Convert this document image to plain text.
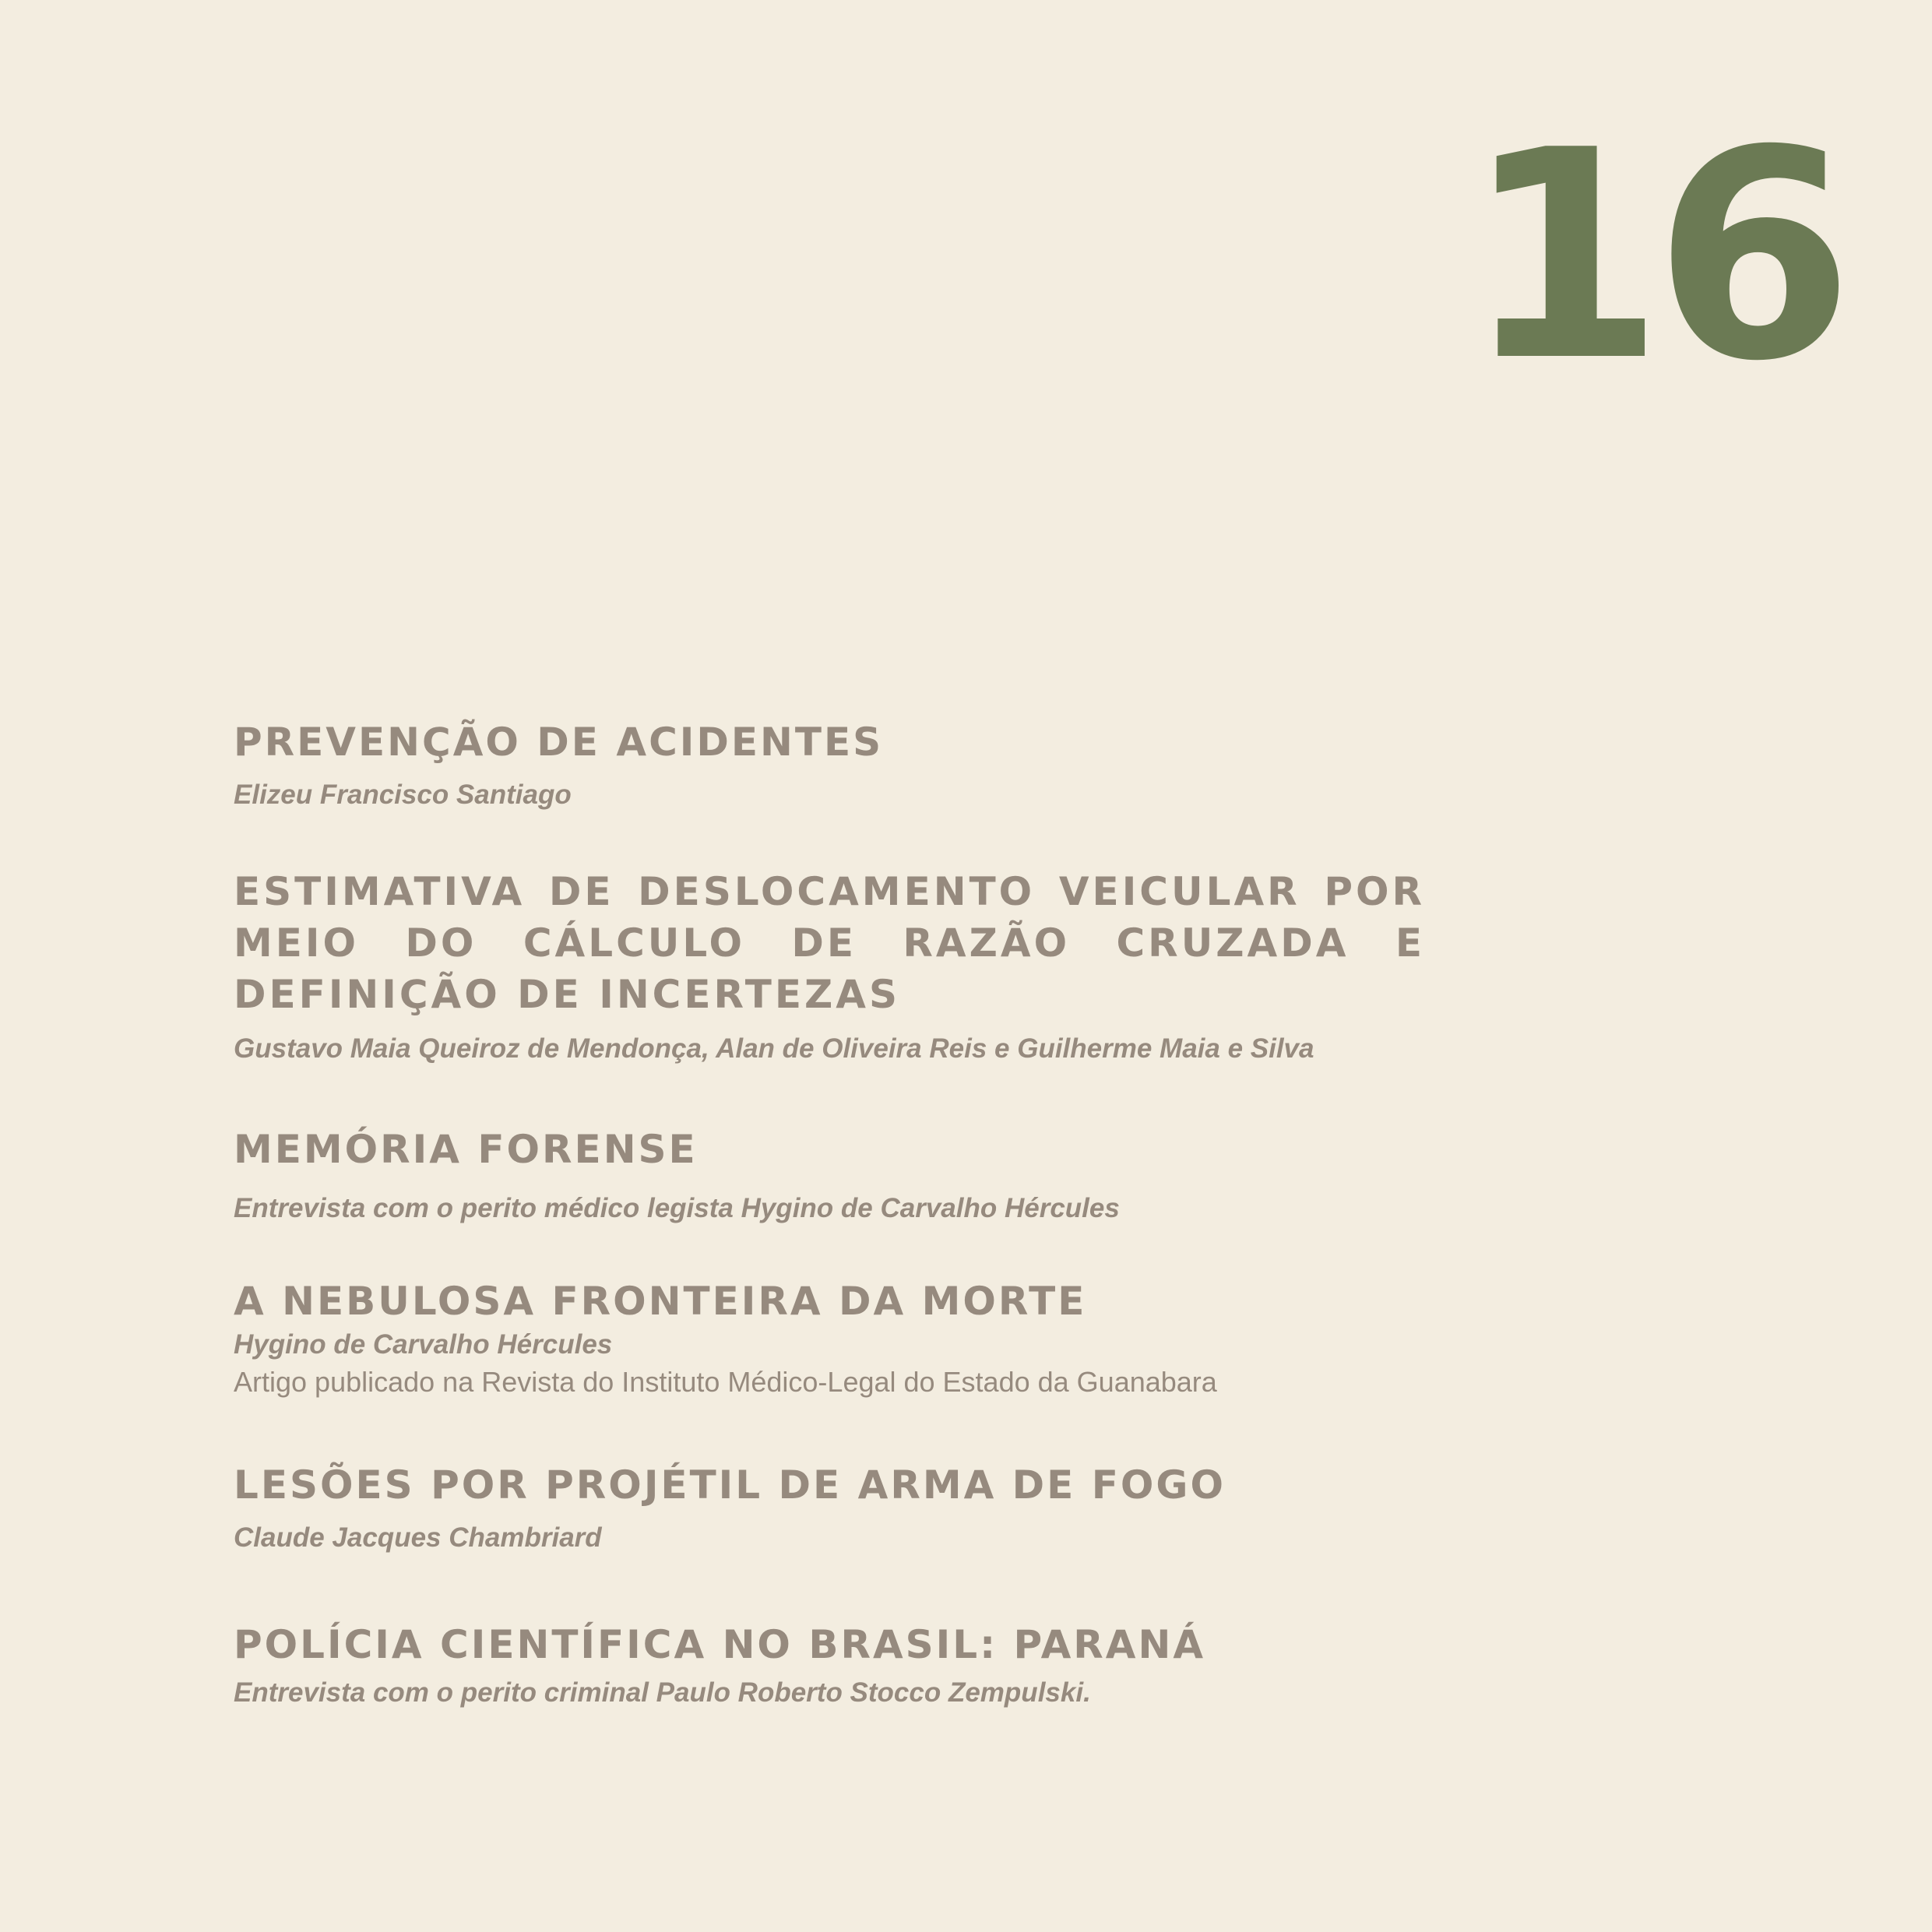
16
PREVENÇÃO DE ACIDENTES

Elizeu Francisco Santiago

ESTIMATIVA DE DESLOCAMENTO VEICULAR POR MEIO DO CÁLCULO DE RAZÃO CRUZADA E DEFINIÇÃO DE INCERTEZAS

Gustavo Maia Queiroz de Mendonça, Alan de Oliveira Reis e Guilherme Maia e Silva

MEMÓRIA FORENSE

Entrevista com o perito médico legista Hygino de Carvalho Hércules

A NEBULOSA FRONTEIRA DA MORTE

Hygino de Carvalho Hércules

Artigo publicado na Revista do Instituto Médico-Legal do Estado da Guanabara

LESÕES POR PROJÉTIL DE ARMA DE FOGO

Claude Jacques Chambriard

POLÍCIA CIENTÍFICA NO BRASIL: PARANÁ

Entrevista com o perito criminal Paulo Roberto Stocco Zempulski.
